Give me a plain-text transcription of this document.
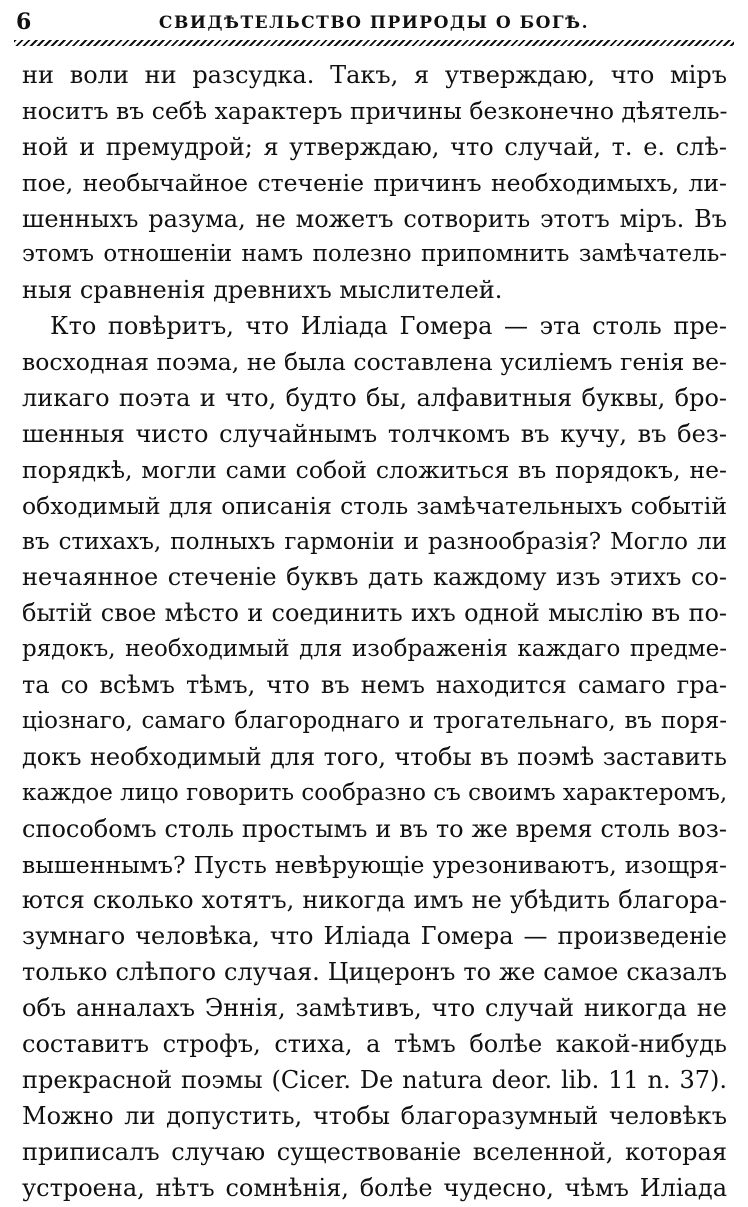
6	СВИДѢТЕЛЬСТВО ПРИРОДЫ О БОГѢ.
ни воли ни разсудка. Такъ, я утверждаю, что міръ
носитъ въ себѣ характеръ причины безконечно дѣятель-
ной и премудрой; я утверждаю, что случай, т. е. слѣ-
пое, необычайное стеченіе причинъ необходимыхъ, ли-
шенныхъ разума, не можетъ сотворить этотъ міръ. Въ
этомъ отношеніи намъ полезно припомнить замѣчатель-
ныя сравненія древнихъ мыслителей.
Кто повѣритъ, что Иліада Гомера — эта столь пре-
восходная поэма, не была составлена усиліемъ генія ве-
ликаго поэта и что, будто бы, алфавитныя буквы, бро-
шенныя чисто случайнымъ толчкомъ въ кучу, въ без-
порядкѣ, могли сами собой сложиться въ порядокъ, не-
обходимый для описанія столь замѣчательныхъ событій
въ стихахъ, полныхъ гармоніи и разнообразія? Могло ли
нечаянное стеченіе буквъ дать каждому изъ этихъ со-
бытій свое мѣсто и соединить ихъ одной мыслію въ по-
рядокъ, необходимый для изображенія каждаго предме-
та со всѣмъ тѣмъ, что въ немъ находится самаго гра-
ціознаго, самаго благороднаго и трогательнаго, въ поря-
докъ необходимый для того, чтобы въ поэмѣ заставить
каждое лицо говорить сообразно съ своимъ характеромъ,
способомъ столь простымъ и въ то же время столь воз-
вышеннымъ? Пусть невѣрующіе урезониваютъ, изощря-
ются сколько хотятъ, никогда имъ не убѣдить благора-
зумнаго человѣка, что Иліада Гомера — произведеніе
только слѣпого случая. Цицеронъ то же самое сказалъ
объ анналахъ Эннія, замѣтивъ, что случай никогда не
составитъ строфъ, стиха, а тѣмъ болѣе какой-нибудь
прекрасной поэмы (Cicer. De natura deor. lib. 11 n. 37).
Можно ли допустить, чтобы благоразумный человѣкъ
приписалъ случаю существованіе вселенной, которая
устроена, нѣтъ сомнѣнія, болѣе чудесно, чѣмъ Иліада
